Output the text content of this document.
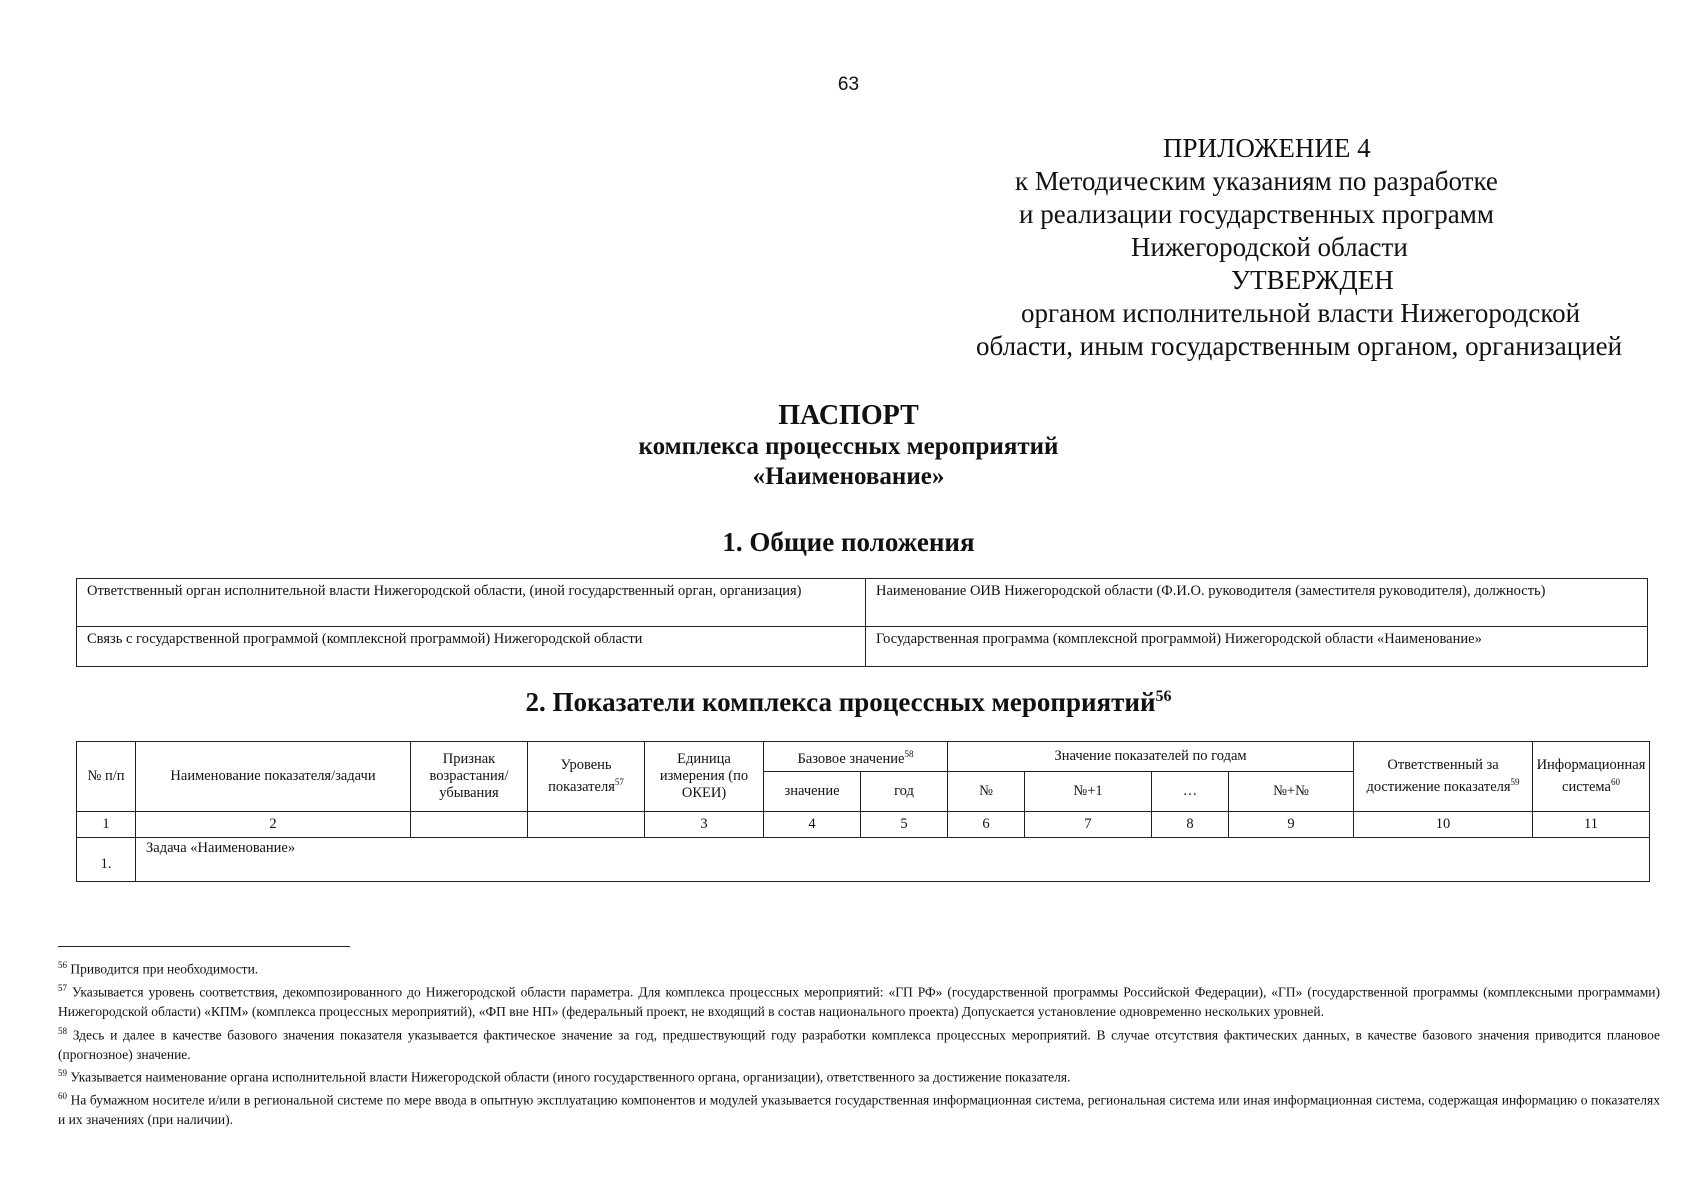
63
ПРИЛОЖЕНИЕ 4
к Методическим указаниям по разработке
и реализации государственных программ
Нижегородской области
УТВЕРЖДЕН
органом исполнительной власти Нижегородской
области, иным государственным органом, организацией
ПАСПОРТ
комплекса процессных мероприятий
«Наименование»
1. Общие положения
Ответственный орган исполнительной власти Нижегородской области, (иной государственный орган, организация)	Наименование ОИВ Нижегородской области (Ф.И.О. руководителя (заместителя руководителя), должность)
Связь с государственной программой (комплексной программой) Нижегородской области	Государственная программа (комплексной программой) Нижегородской области «Наименование»
2. Показатели комплекса процессных мероприятий$^{56}$
№ п/п	Наименование показателя/задачи	Признак возрастания/ убывания	Уровень показателя$^{57}$	Единица измерения (по ОКЕИ)	Базовое значение$^{58}$		Значение показателей по годам				Ответственный за достижение показателя$^{59}$	Информационная система$^{60}$
					значение	год	№	№+1	…	№+№		
1	2			3	4	5	6	7	8	9	10	11
1.	Задача «Наименование»											

$^{56}$ Приводится при необходимости.

$^{57}$ Указывается уровень соответствия, декомпозированного до Нижегородской области параметра. Для комплекса процессных мероприятий: «ГП РФ» (государственной программы Российской Федерации), «ГП» (государственной программы (комплексными программами) Нижегородской области) «КПМ» (комплекса процессных мероприятий), «ФП вне НП» (федеральный проект, не входящий в состав национального проекта) Допускается установление одновременно нескольких уровней.

$^{58}$ Здесь и далее в качестве базового значения показателя указывается фактическое значение за год, предшествующий году разработки комплекса процессных мероприятий. В случае отсутствия фактических данных, в качестве базового значения приводится плановое (прогнозное) значение.

$^{59}$ Указывается наименование органа исполнительной власти Нижегородской области (иного государственного органа, организации), ответственного за достижение показателя.

$^{60}$ На бумажном носителе и/или в региональной системе по мере ввода в опытную эксплуатацию компонентов и модулей указывается государственная информационная система, региональная система или иная информационная система, содержащая информацию о показателях и их значениях (при наличии).
